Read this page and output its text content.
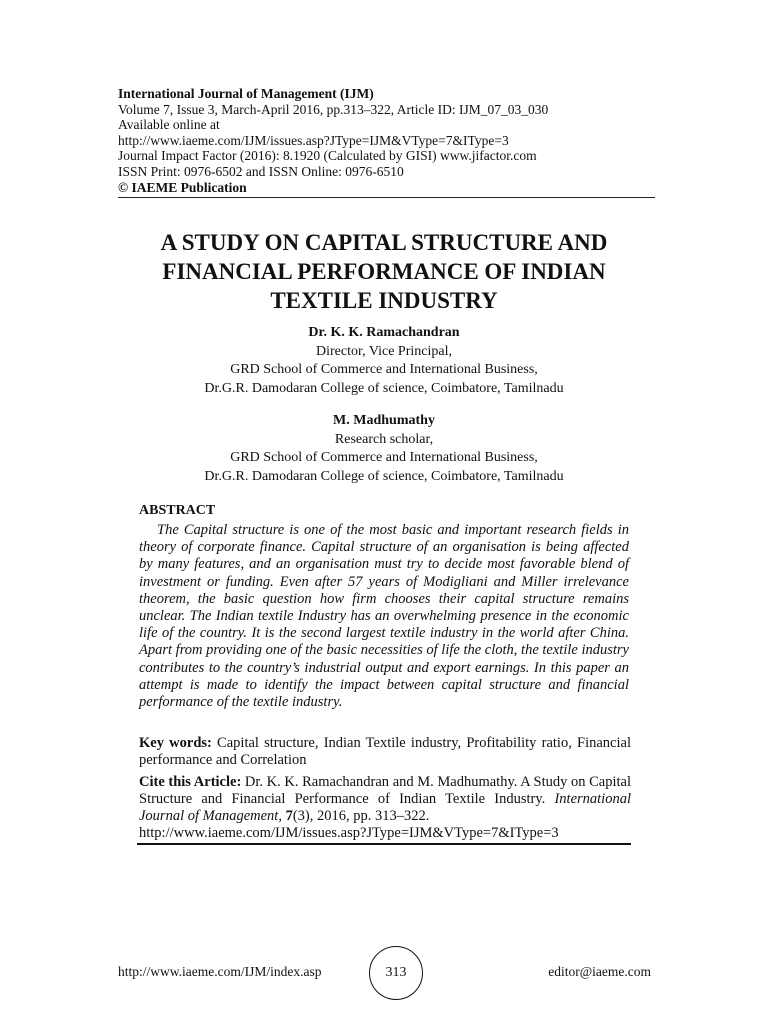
International Journal of Management (IJM)
Volume 7, Issue 3, March-April 2016, pp.313–322, Article ID: IJM_07_03_030
Available online at
http://www.iaeme.com/IJM/issues.asp?JType=IJM&VType=7&IType=3
Journal Impact Factor (2016): 8.1920 (Calculated by GISI) www.jifactor.com
ISSN Print: 0976-6502 and ISSN Online: 0976-6510
© IAEME Publication
A STUDY ON CAPITAL STRUCTURE AND
FINANCIAL PERFORMANCE OF INDIAN
TEXTILE INDUSTRY
Dr. K. K. Ramachandran
Director, Vice Principal,
GRD School of Commerce and International Business,
Dr.G.R. Damodaran College of science, Coimbatore, Tamilnadu
M. Madhumathy
Research scholar,
GRD School of Commerce and International Business,
Dr.G.R. Damodaran College of science, Coimbatore, Tamilnadu
ABSTRACT
The Capital structure is one of the most basic and important research fields in theory of corporate finance. Capital structure of an organisation is being affected by many features, and an organisation must try to decide most favorable blend of investment or funding. Even after 57 years of Modigliani and Miller irrelevance theorem, the basic question how firm chooses their capital structure remains unclear. The Indian textile Industry has an overwhelming presence in the economic life of the country. It is the second largest textile industry in the world after China. Apart from providing one of the basic necessities of life the cloth, the textile industry contributes to the country’s industrial output and export earnings. In this paper an attempt is made to identify the impact between capital structure and financial performance of the textile industry.
Key words: Capital structure, Indian Textile industry, Profitability ratio, Financial performance and Correlation
Cite this Article: Dr. K. K. Ramachandran and M. Madhumathy. A Study on Capital Structure and Financial Performance of Indian Textile Industry. International Journal of Management, 7(3), 2016, pp. 313–322.
http://www.iaeme.com/IJM/issues.asp?JType=IJM&VType=7&IType=3
http://www.iaeme.com/IJM/index.asp	313	editor@iaeme.com
